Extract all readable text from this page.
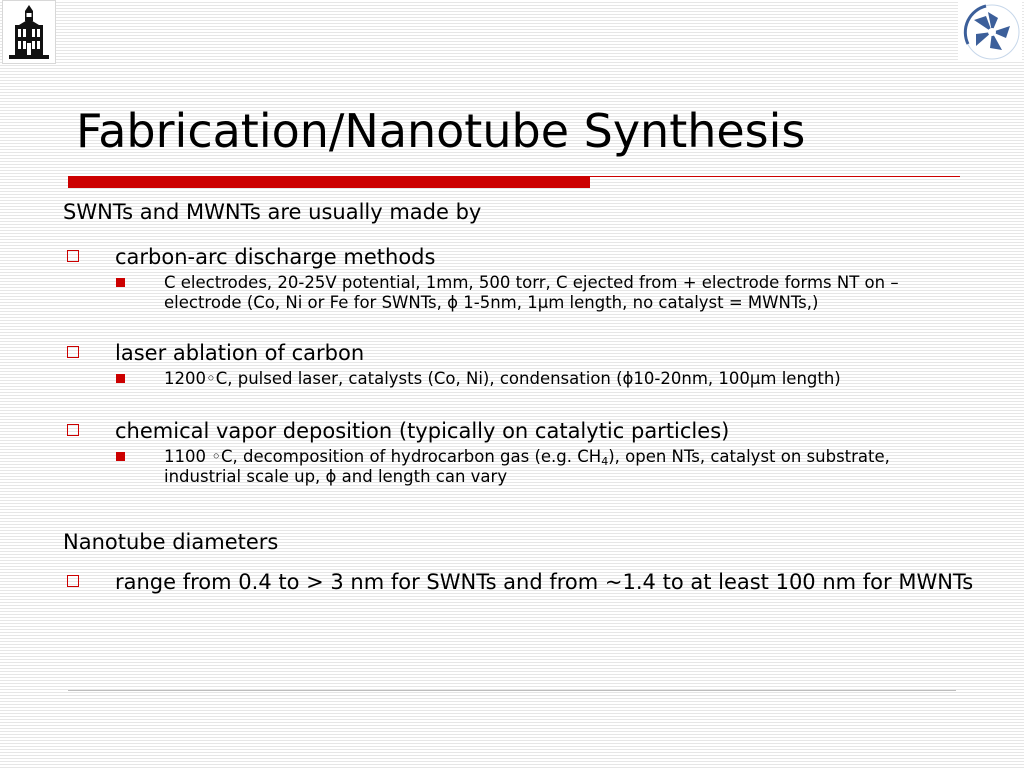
Fabrication/Nanotube Synthesis

SWNTs and MWNTs are usually made by

carbon-arc discharge methods
C electrodes, 20-25V potential, 1mm, 500 torr, C ejected from + electrode forms NT on – electrode (Co, Ni or Fe for SWNTs, ϕ 1-5nm, 1µm length, no catalyst = MWNTs,)
laser ablation of carbon
1200◦C, pulsed laser, catalysts (Co, Ni), condensation (ϕ10-20nm, 100µm length)
chemical vapor deposition (typically on catalytic particles)
1100 ◦C, decomposition of hydrocarbon gas (e.g. $CH_4$), open NTs, catalyst on substrate, industrial scale up, ϕ and length can vary

Nanotube diameters

range from 0.4 to > 3 nm for SWNTs and from ~1.4 to at least 100 nm for MWNTs
